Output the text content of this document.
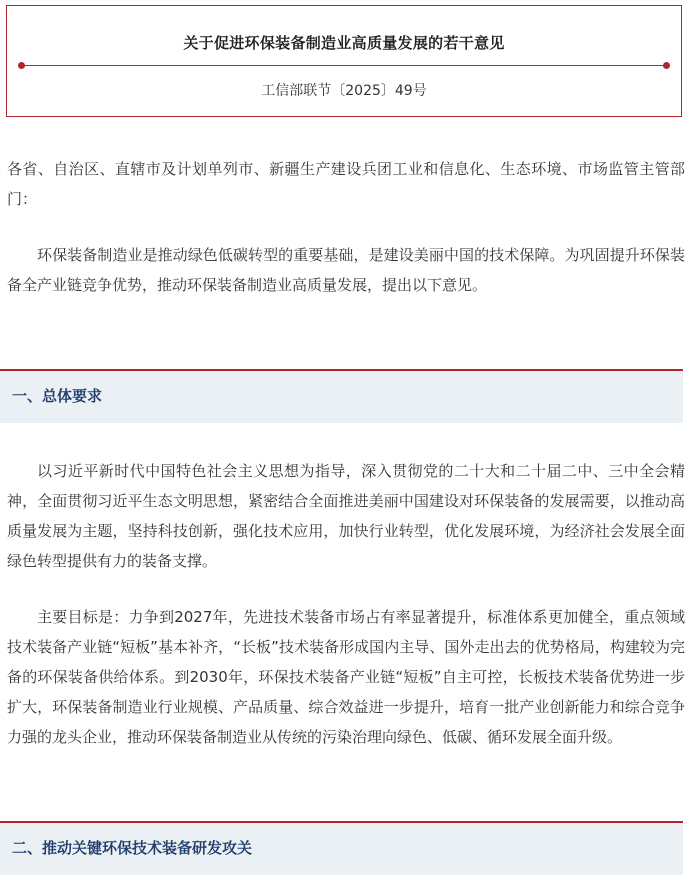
关于促进环保装备制造业高质量发展的若干意见
工信部联节〔2025〕49号

各省、自治区、直辖市及计划单列市、新疆生产建设兵团工业和信息化、生态环境、市场监管主管部门：

环保装备制造业是推动绿色低碳转型的重要基础，是建设美丽中国的技术保障。为巩固提升环保装备全产业链竞争优势，推动环保装备制造业高质量发展，提出以下意见。

一、总体要求

以习近平新时代中国特色社会主义思想为指导，深入贯彻党的二十大和二十届二中、三中全会精神，全面贯彻习近平生态文明思想，紧密结合全面推进美丽中国建设对环保装备的发展需要，以推动高质量发展为主题，坚持科技创新，强化技术应用，加快行业转型，优化发展环境，为经济社会发展全面绿色转型提供有力的装备支撑。

主要目标是：力争到2027年，先进技术装备市场占有率显著提升，标准体系更加健全，重点领域技术装备产业链“短板”基本补齐，“长板”技术装备形成国内主导、国外走出去的优势格局，构建较为完备的环保装备供给体系。到2030年，环保技术装备产业链“短板”自主可控，长板技术装备优势进一步扩大，环保装备制造业行业规模、产品质量、综合效益进一步提升，培育一批产业创新能力和综合竞争力强的龙头企业，推动环保装备制造业从传统的污染治理向绿色、低碳、循环发展全面升级。

二、推动关键环保技术装备研发攻关
